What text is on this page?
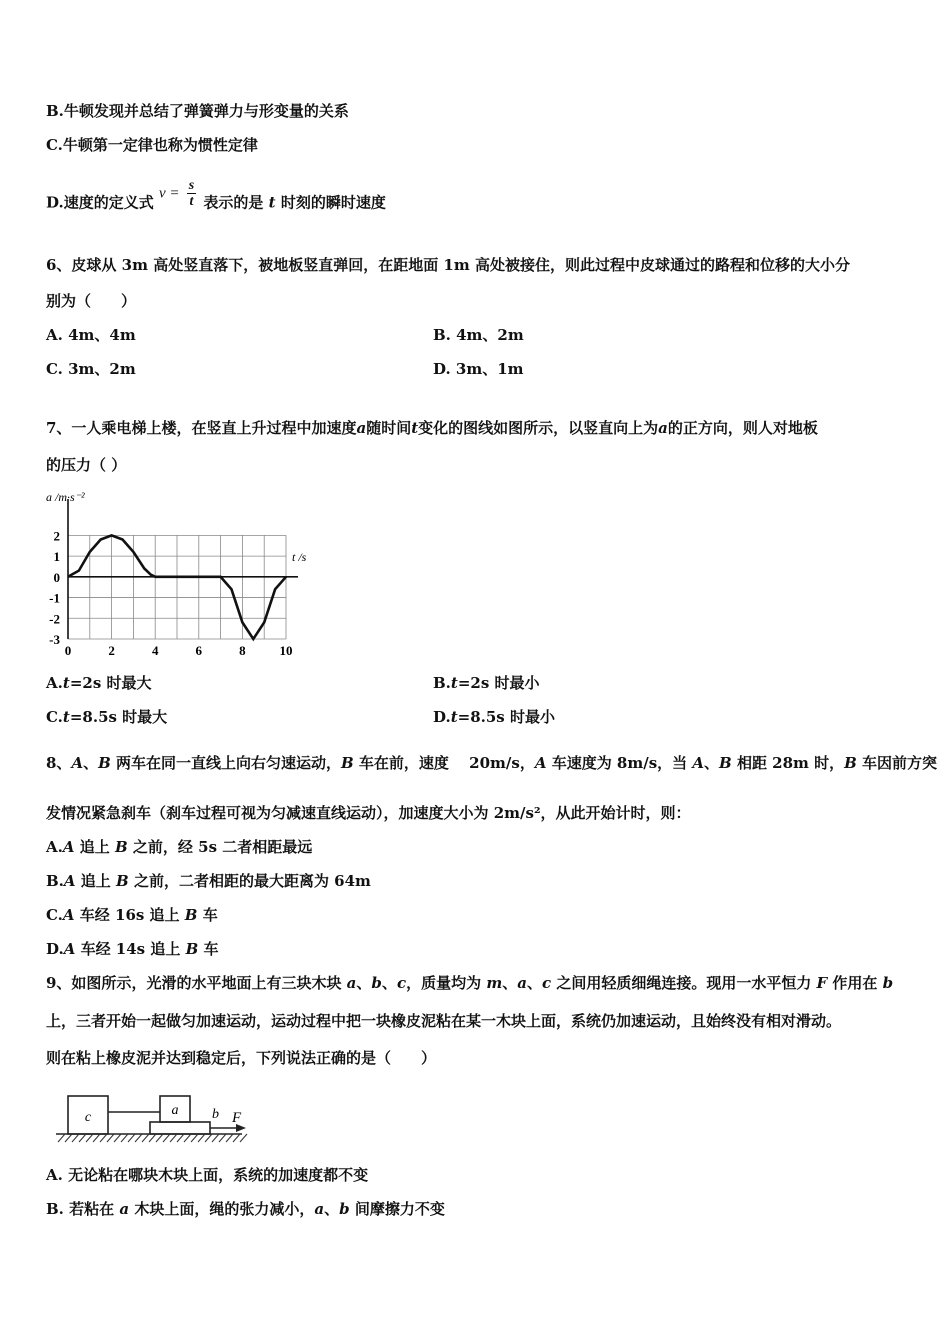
B.牛顿发现并总结了弹簧弹力与形变量的关系
C.牛顿第一定律也称为惯性定律
D.速度的定义式 $v = \frac{s}{t}$ 表示的是 t 时刻的瞬时速度
6、皮球从 3m 高处竖直落下，被地板竖直弹回，在距地面 1m 高处被接住，则此过程中皮球通过的路程和位移的大小分
别为（　　）
A. 4m、4m	B. 4m、2m
C. 3m、2m	D. 3m、1m
7、一人乘电梯上楼，在竖直上升过程中加速度a随时间t变化的图线如图所示，以竖直向上为a的正方向，则人对地板
的压力（ ）
0	2	4	6	8	10
2
1
0
-1
-2
-3
a /m·s⁻²
t /s
A.t=2s 时最大	B.t=2s 时最小
C.t=8.5s 时最大	D.t=8.5s 时最小
8、A、B 两车在同一直线上向右匀速运动，B 车在前，速度　 20m/s，A 车速度为 8m/s，当 A、B 相距 28m 时，B 车因前方突
发情况紧急刹车（刹车过程可视为匀减速直线运动），加速度大小为 2m/s²，从此开始计时，则：
A.A 追上 B 之前，经 5s 二者相距最远
B.A 追上 B 之前，二者相距的最大距离为 64m
C.A 车经 16s 追上 B 车
D.A 车经 14s 追上 B 车
9、如图所示，光滑的水平地面上有三块木块 a、b、c，质量均为 m、a、c 之间用轻质细绳连接。现用一水平恒力 F 作用在 b
上，三者开始一起做匀加速运动，运动过程中把一块橡皮泥粘在某一木块上面，系统仍加速运动，且始终没有相对滑动。
则在粘上橡皮泥并达到稳定后，下列说法正确的是（　　）
c	a b F
A. 无论粘在哪块木块上面，系统的加速度都不变
B. 若粘在 a 木块上面，绳的张力减小，a、b 间摩擦力不变
